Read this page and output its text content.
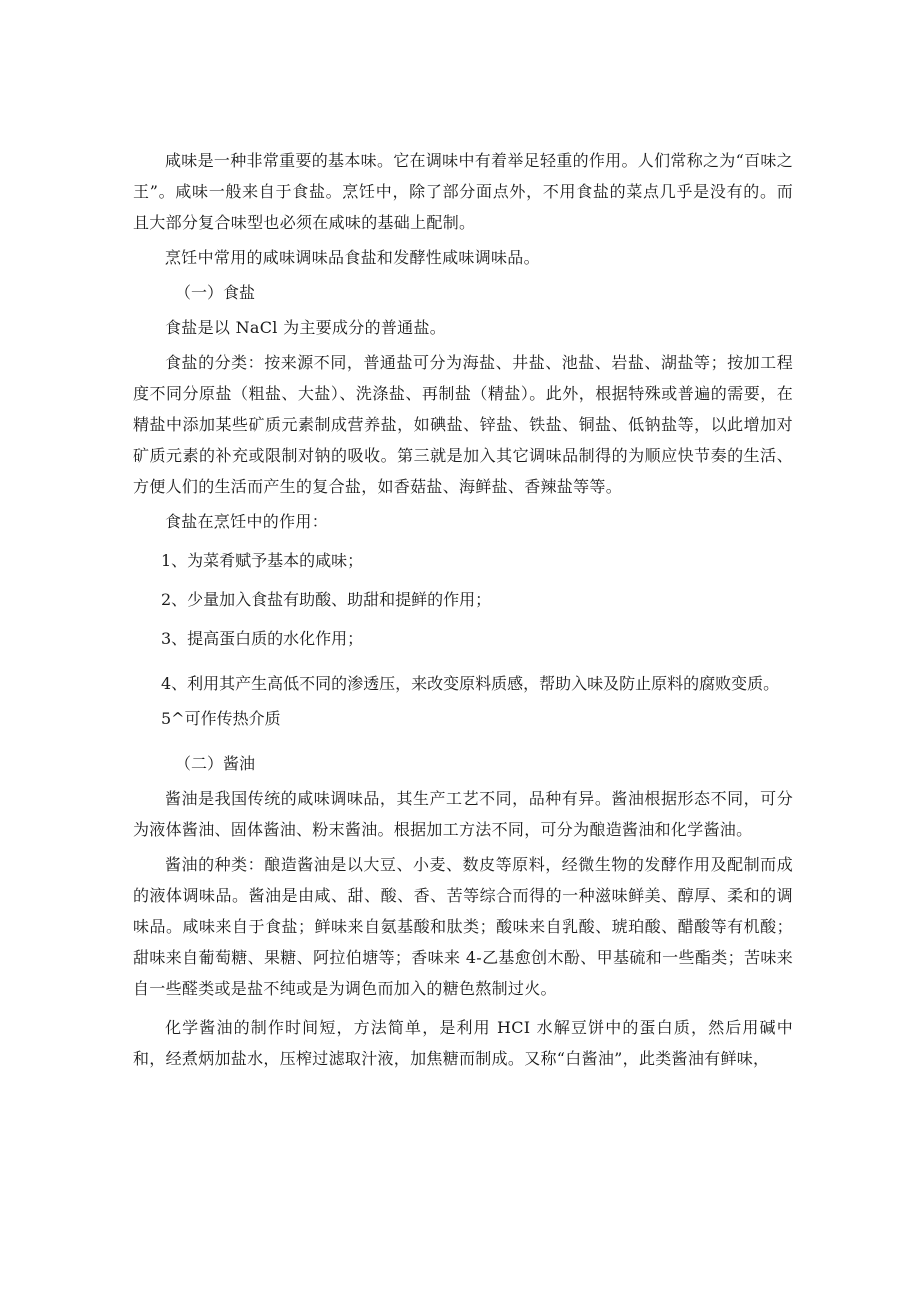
咸味是一种非常重要的基本味。它在调味中有着举足轻重的作用。人们常称之为“百味之王”。咸味一般来自于食盐。烹饪中，除了部分面点外，不用食盐的菜点几乎是没有的。而且大部分复合味型也必须在咸味的基础上配制。

烹饪中常用的咸味调味品食盐和发酵性咸味调味品。

（一）食盐

食盐是以 NaCl 为主要成分的普通盐。

食盐的分类：按来源不同，普通盐可分为海盐、井盐、池盐、岩盐、湖盐等；按加工程度不同分原盐（粗盐、大盐）、洗涤盐、再制盐（精盐）。此外，根据特殊或普遍的需要，在精盐中添加某些矿质元素制成营养盐，如碘盐、锌盐、铁盐、铜盐、低钠盐等，以此增加对矿质元素的补充或限制对钠的吸收。第三就是加入其它调味品制得的为顺应快节奏的生活、方便人们的生活而产生的复合盐，如香菇盐、海鲜盐、香辣盐等等。

食盐在烹饪中的作用：

1、为菜肴赋予基本的咸味；

2、少量加入食盐有助酸、助甜和提鲜的作用；

3、提高蛋白质的水化作用；

4、利用其产生高低不同的渗透压，来改变原料质感，帮助入味及防止原料的腐败变质。

5^可作传热介质

（二）酱油

酱油是我国传统的咸味调味品，其生产工艺不同，品种有异。酱油根据形态不同，可分为液体酱油、固体酱油、粉末酱油。根据加工方法不同，可分为酿造酱油和化学酱油。

酱油的种类：酿造酱油是以大豆、小麦、数皮等原料，经微生物的发酵作用及配制而成的液体调味品。酱油是由咸、甜、酸、香、苦等综合而得的一种滋味鲜美、醇厚、柔和的调味品。咸味来自于食盐；鲜味来自氨基酸和肽类；酸味来自乳酸、琥珀酸、醋酸等有机酸；甜味来自葡萄糖、果糖、阿拉伯塘等；香味来 4-乙基愈创木酚、甲基硫和一些酯类；苦味来自一些醛类或是盐不纯或是为调色而加入的糖色熬制过火。

化学酱油的制作时间短，方法简单，是利用 HCI 水解豆饼中的蛋白质，然后用碱中和，经煮炳加盐水，压榨过滤取汁液，加焦糖而制成。又称“白酱油”，此类酱油有鲜味，
